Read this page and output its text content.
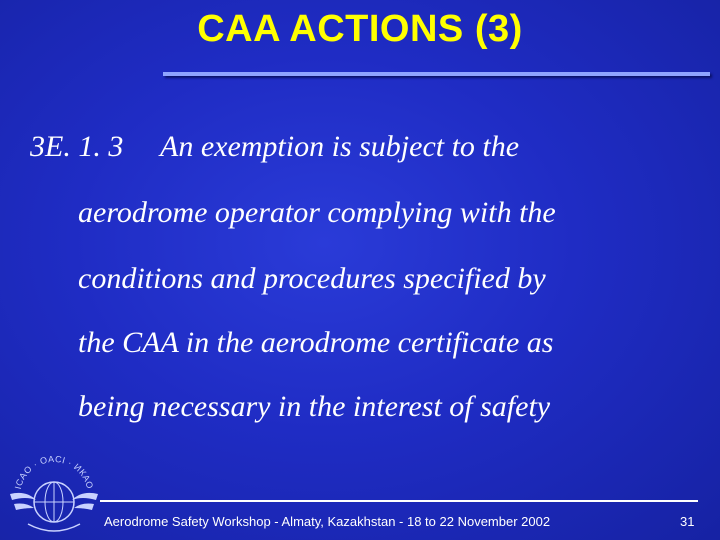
CAA ACTIONS (3)
3E. 1. 3 An exemption is subject to the
aerodrome operator complying with the
conditions and procedures specified by
the CAA in the aerodrome certificate as
being necessary in the interest of safety
ICAO · OACI · ИКАО
Aerodrome Safety Workshop - Almaty, Kazakhstan - 18 to 22 November 2002	31
